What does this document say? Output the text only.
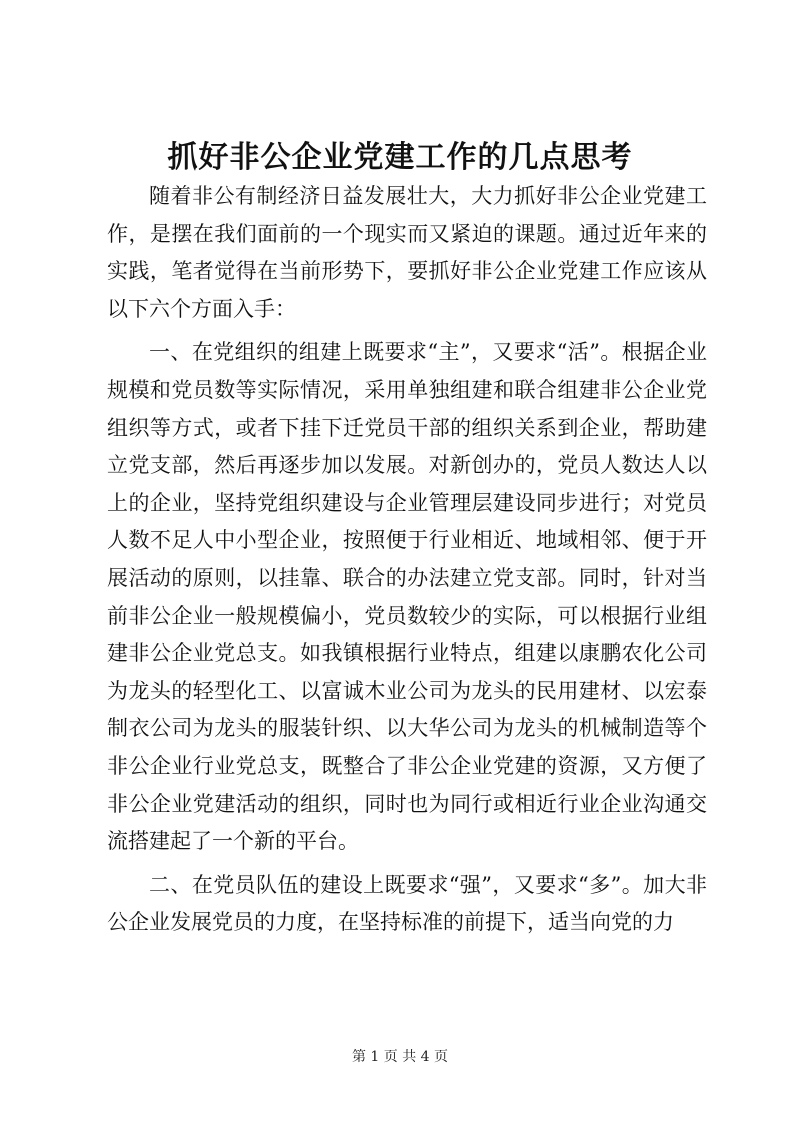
抓好非公企业党建工作的几点思考

随着非公有制经济日益发展壮大，大力抓好非公企业党建工作，是摆在我们面前的一个现实而又紧迫的课题。通过近年来的实践，笔者觉得在当前形势下，要抓好非公企业党建工作应该从以下六个方面入手：

一、在党组织的组建上既要求“主”，又要求“活”。根据企业规模和党员数等实际情况，采用单独组建和联合组建非公企业党组织等方式，或者下挂下迁党员干部的组织关系到企业，帮助建立党支部，然后再逐步加以发展。对新创办的，党员人数达人以上的企业，坚持党组织建设与企业管理层建设同步进行；对党员人数不足人中小型企业，按照便于行业相近、地域相邻、便于开展活动的原则，以挂靠、联合的办法建立党支部。同时，针对当前非公企业一般规模偏小，党员数较少的实际，可以根据行业组建非公企业党总支。如我镇根据行业特点，组建以康鹏农化公司为龙头的轻型化工、以富诚木业公司为龙头的民用建材、以宏泰制衣公司为龙头的服装针织、以大华公司为龙头的机械制造等个非公企业行业党总支，既整合了非公企业党建的资源，又方便了非公企业党建活动的组织，同时也为同行或相近行业企业沟通交流搭建起了一个新的平台。

二、在党员队伍的建设上既要求“强”，又要求“多”。加大非公企业发展党员的力度，在坚持标准的前提下，适当向党的力

第 1 页 共 4 页
